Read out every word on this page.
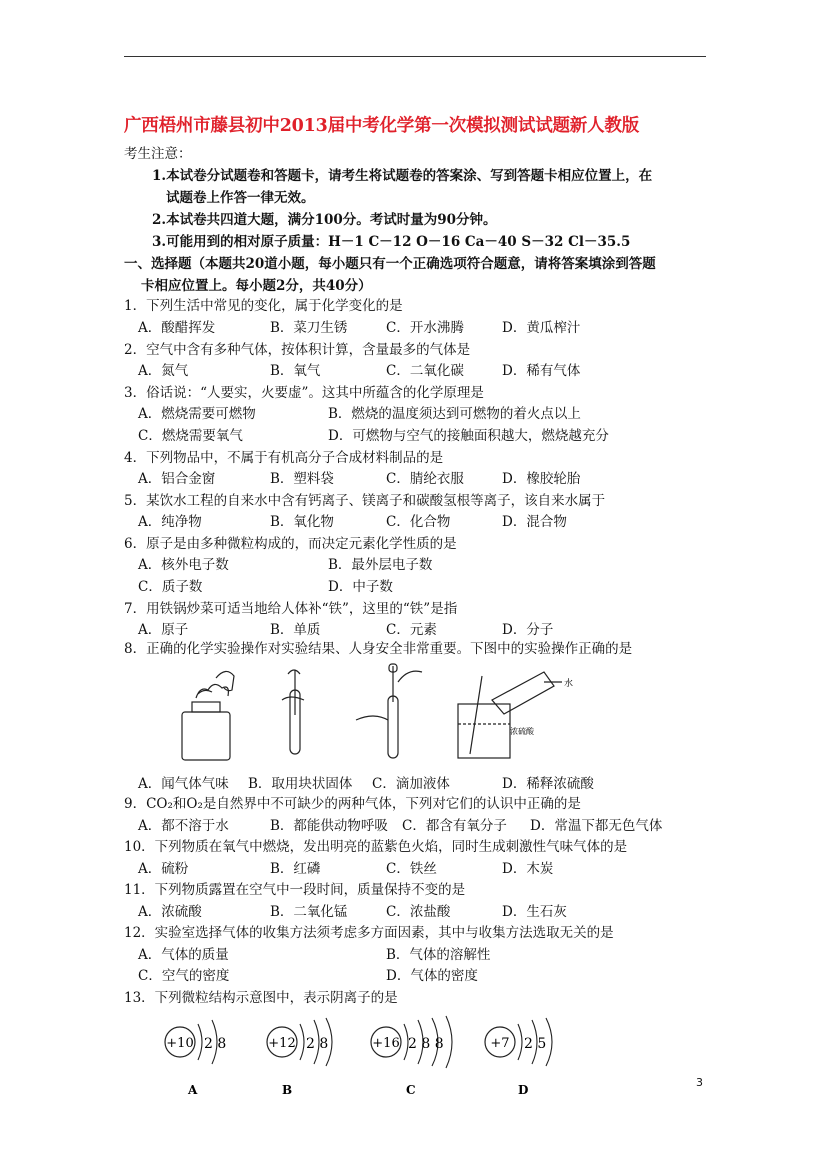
广西梧州市藤县初中2013届中考化学第一次模拟测试试题新人教版
考生注意：
1.本试卷分试题卷和答题卡，请考生将试题卷的答案涂、写到答题卡相应位置上，在
试题卷上作答一律无效。
2.本试卷共四道大题，满分100分。考试时量为90分钟。
3.可能用到的相对原子质量：H－1 C－12 O－16 Ca－40 S－32 Cl－35.5
一、选择题（本题共20道小题，每小题只有一个正确选项符合题意，请将答案填涂到答题
卡相应位置上。每小题2分，共40分）
1．下列生活中常见的变化，属于化学变化的是
A．酸醋挥发	B．菜刀生锈	C．开水沸腾	D．黄瓜榨汁
2．空气中含有多种气体，按体积计算，含量最多的气体是
A．氮气	B．氧气	C．二氧化碳	D．稀有气体
3．俗话说：“人要实，火要虚”。这其中所蕴含的化学原理是
A．燃烧需要可燃物	B．燃烧的温度须达到可燃物的着火点以上
C．燃烧需要氧气	D．可燃物与空气的接触面积越大，燃烧越充分
4．下列物品中，不属于有机高分子合成材料制品的是
A．铝合金窗	B．塑料袋	C．腈纶衣服	D．橡胶轮胎
5．某饮水工程的自来水中含有钙离子、镁离子和碳酸氢根等离子，该自来水属于
A．纯净物	B．氧化物	C．化合物	D．混合物
6．原子是由多种微粒构成的，而决定元素化学性质的是
A．核外电子数	B．最外层电子数
C．质子数	D．中子数
7．用铁锅炒菜可适当地给人体补“铁”，这里的“铁”是指
A．原子	B．单质	C．元素	D．分子
8．正确的化学实验操作对实验结果、人身安全非常重要。下图中的实验操作正确的是
水
浓硫酸
A．闻气体气味 B．取用块状固体 C．滴加液体	D．稀释浓硫酸
9．CO₂和O₂是自然界中不可缺少的两种气体，下列对它们的认识中正确的是
A．都不溶于水	B．都能供动物呼吸 C．都含有氧分子 D．常温下都无色气体
10．下列物质在氧气中燃烧，发出明亮的蓝紫色火焰，同时生成刺激性气味气体的是
A．硫粉	B．红磷	C．铁丝	D．木炭
11．下列物质露置在空气中一段时间，质量保持不变的是
A．浓硫酸	B．二氧化锰	C．浓盐酸	D．生石灰
12．实验室选择气体的收集方法须考虑多方面因素，其中与收集方法选取无关的是
A．气体的质量	B．气体的溶解性
C．空气的密度	D．气体的密度
13．下列微粒结构示意图中，表示阴离子的是
+10 2 8
A
+12 2 8
B
+16 2 8 8
C
+7 2 5
D
3
